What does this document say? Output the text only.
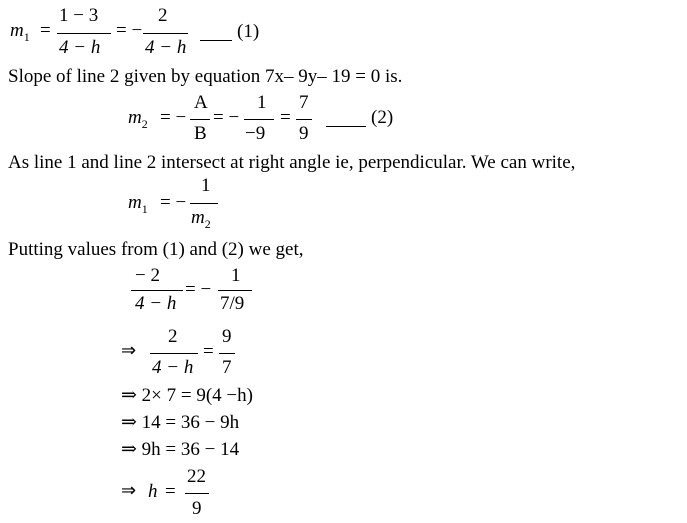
$m_1$ =
1 − 3
4 − h
= −
2
4 − h
(1)
Slope of line 2 given by equation 7x– 9y– 19 = 0 is.
$m_2$ = −
A
B
= −
1
−9
=
7
9
(2)
As line 1 and line 2 intersect at right angle ie, perpendicular. We can write,
$m_1$ = −
1
$m_2$
Putting values from (1) and (2) we get,
− 2
4 − h
= −
1
7/9
⇒
2
4 − h
=
9
7
⇒ 2× 7 = 9(4 −h)
⇒ 14 = 36 − 9h
⇒ 9h = 36 − 14
⇒ h =
22
9
